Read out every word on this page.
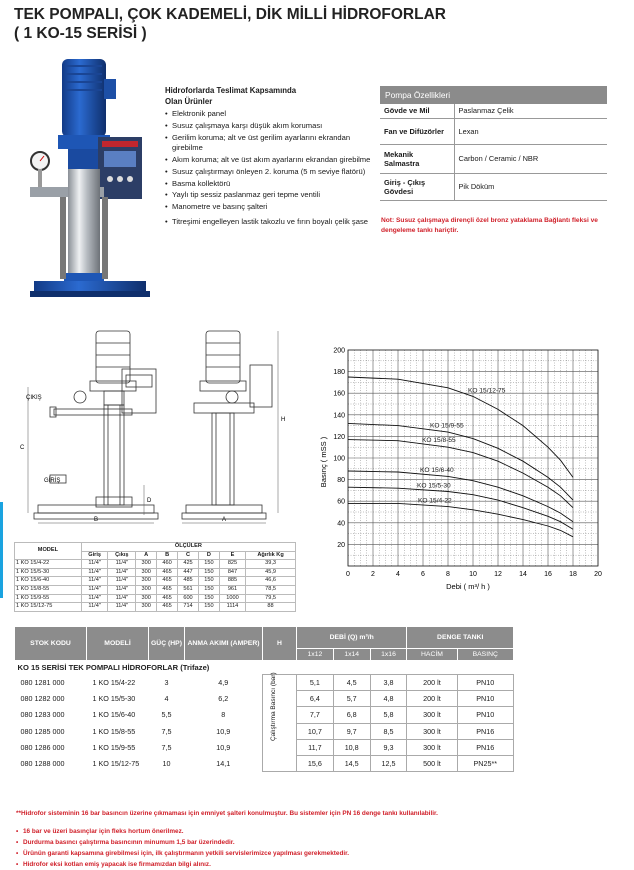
TEK POMPALI, ÇOK KADEMELİ, DİK MİLLİ HİDROFORLAR
( 1 KO-15 SERİSİ )
Hidroforlarda Teslimat Kapsamında
Olan Ürünler
• Elektronik panel
• Susuz çalışmaya karşı düşük akım koruması
• Gerilim koruma; alt ve üst gerilim ayarlarını ekrandan girebilme
• Akım koruma; alt ve üst akım ayarlarını ekrandan girebilme
• Susuz çalıştırmayı önleyen 2. koruma (5 m seviye flatörü)
• Basma kollektörü
• Yaylı tip sessiz paslanmaz geri tepme ventili
• Manometre ve basınç şalteri
• Titreşimi engelleyen lastik takozlu ve fırın boyalı çelik şase
Pompa Özellikleri	
Gövde ve Mil	Paslanmaz Çelik
Fan ve Difüzörler	Lexan
Mekanik Salmastra	Carbon / Ceramic / NBR
Giriş - Çıkış Gövdesi	Pik Döküm
Not: Susuz çalışmaya dirençli özel bronz yataklama Bağlantı fleksi ve dengeleme tankı hariçtir.
ÇIKIŞ
GİRİŞ
C
D
H
B	A
0	2	4	6	8	10 12 14 16 18 20
20
40
60
80
100
120
140
160
180
200
KO 15/12-75
KO 15/9-55
KO 15/8-55
KO 15/6-40
KO 15/5-30
KO 15/4-22
Debi ( m³/ h )
Basınç ( mSS )
MODEL	ÖLÇÜLER							
	Giriş	Çıkış	A	B	C	D	E	Ağırlık Kg
1 KO 15/4-22	11/4"	11/4"	300	460	425	150	825	39,3
1 KO 15/5-30	11/4"	11/4"	300	465	447	150	847	45,9
1 KO 15/6-40	11/4"	11/4"	300	465	485	150	885	46,6
1 KO 15/8-55	11/4"	11/4"	300	465	561	150	961	78,5
1 KO 15/9-55	11/4"	11/4"	300	465	600	150	1000	79,5
1 KO 15/12-75	11/4"	11/4"	300	465	714	150	1114	88
STOK KODU	MODELİ	GÜÇ (HP)	ANMA AKIMI (AMPER)	H	DEBİ (Q) m³/h			DENGE TANKI	
					1x12	1x14	1x16	HACİM	BASINÇ
KO 15 SERİSİ TEK POMPALI HİDROFORLAR (Trifaze)									
080 1281 000	1 KO 15/4-22	3	4,9	Çalıştırma Basıncı (bar)	5,1	4,5	3,8	200 lt	PN10
080 1282 000	1 KO 15/5-30	4	6,2		6,4	5,7	4,8	200 lt	PN10
080 1283 000	1 KO 15/6-40	5,5	8		7,7	6,8	5,8	300 lt	PN10
080 1285 000	1 KO 15/8-55	7,5	10,9		10,7	9,7	8,5	300 lt	PN16
080 1286 000	1 KO 15/9-55	7,5	10,9		11,7	10,8	9,3	300 lt	PN16
080 1288 000	1 KO 15/12-75	10	14,1		15,6	14,5	12,5	500 lt	PN25**
**Hidrofor sisteminin 16 bar basıncın üzerine çıkmaması için emniyet şalteri konulmuştur. Bu sistemler için PN 16 denge tankı kullanılabilir.
• 16 bar ve üzeri basınçlar için fleks hortum önerilmez.
• Durdurma basıncı çalıştırma basıncının minumum 1,5 bar üzerindedir.
• Ürünün garanti kapsamına girebilmesi için, ilk çalıştırmanın yetkili servislerimizce yapılması gerekmektedir.
• Hidrofor eksi kotlan emiş yapacak ise firmamızdan bilgi alınız.
